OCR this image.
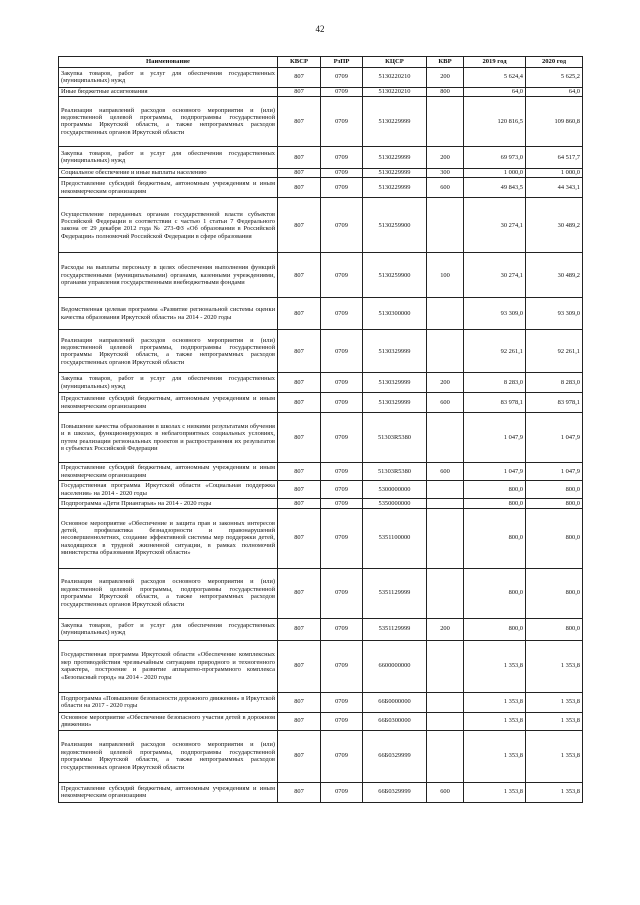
42
Наименование	КВСР	РзПР	КЦСР	КВР	2019 год	2020 год
Закупка товаров, работ и услуг для обеспечения государственных (муниципальных) нужд	807	0709	5130220210	200	5 624,4	5 625,2
Иные бюджетные ассигнования	807	0709	5130220210	800	64,0	64,0
Реализация направлений расходов основного мероприятия и (или) ведомственной целевой программы, подпрограммы государственной программы Иркутской области, а также непрограммных расходов государственных органов Иркутской области	807	0709	5130229999		120 816,5	109 860,8
Закупка товаров, работ и услуг для обеспечения государственных (муниципальных) нужд	807	0709	5130229999	200	69 973,0	64 517,7
Социальное обеспечение и иные выплаты населению	807	0709	5130229999	300	1 000,0	1 000,0
Предоставление субсидий бюджетным, автономным учреждениям и иным некоммерческим организациям	807	0709	5130229999	600	49 843,5	44 343,1
Осуществление переданных органам государственной власти субъектов Российской Федерации в соответствии с частью 1 статьи 7 Федерального закона от 29 декабря 2012 года № 273-ФЗ «Об образовании в Российской Федерации» полномочий Российской Федерации в сфере образования	807	0709	5130259900		30 274,1	30 489,2
Расходы на выплаты персоналу в целях обеспечения выполнения функций государственными (муниципальными) органами, казенными учреждениями, органами управления государственными внебюджетными фондами	807	0709	5130259900	100	30 274,1	30 489,2
Ведомственная целевая программа «Развитие региональной системы оценки качества образования Иркутской области» на 2014 - 2020 годы	807	0709	5130300000		93 309,0	93 309,0
Реализация направлений расходов основного мероприятия и (или) ведомственной целевой программы, подпрограммы государственной программы Иркутской области, а также непрограммных расходов государственных органов Иркутской области	807	0709	5130329999		92 261,1	92 261,1
Закупка товаров, работ и услуг для обеспечения государственных (муниципальных) нужд	807	0709	5130329999	200	8 283,0	8 283,0
Предоставление субсидий бюджетным, автономным учреждениям и иным некоммерческим организациям	807	0709	5130329999	600	83 978,1	83 978,1
Повышение качества образования в школах с низкими результатами обучения и в школах, функционирующих в неблагоприятных социальных условиях, путем реализации региональных проектов и распространения их результатов в субъектах Российской Федерации	807	0709	51303R5380		1 047,9	1 047,9
Предоставление субсидий бюджетным, автономным учреждениям и иным некоммерческим организациям	807	0709	51303R5380	600	1 047,9	1 047,9
Государственная программа Иркутской области «Социальная поддержка населения» на 2014 - 2020 годы	807	0709	5300000000		800,0	800,0
Подпрограмма «Дети Приангарья» на 2014 - 2020 годы	807	0709	5350000000		800,0	800,0
Основное мероприятие «Обеспечение и защита прав и законных интересов детей, профилактика безнадзорности и правонарушений несовершеннолетних, создание эффективной системы мер поддержки детей, находящихся в трудной жизненной ситуации, в рамках полномочий министерства образования Иркутской области»	807	0709	5351100000		800,0	800,0
Реализация направлений расходов основного мероприятия и (или) ведомственной целевой программы, подпрограммы государственной программы Иркутской области, а также непрограммных расходов государственных органов Иркутской области	807	0709	5351129999		800,0	800,0
Закупка товаров, работ и услуг для обеспечения государственных (муниципальных) нужд	807	0709	5351129999	200	800,0	800,0
Государственная программа Иркутской области «Обеспечение комплексных мер противодействия чрезвычайным ситуациям природного и техногенного характера, построение и развитие аппаратно-программного комплекса «Безопасный город» на 2014 - 2020 годы	807	0709	6600000000		1 353,8	1 353,8
Подпрограмма «Повышение безопасности дорожного движения» в Иркутской области на 2017 - 2020 годы	807	0709	66Б0000000		1 353,8	1 353,8
Основное мероприятие «Обеспечение безопасного участия детей в дорожном движении»	807	0709	66Б0300000		1 353,8	1 353,8
Реализация направлений расходов основного мероприятия и (или) ведомственной целевой программы, подпрограммы государственной программы Иркутской области, а также непрограммных расходов государственных органов Иркутской области	807	0709	66Б0329999		1 353,8	1 353,8
Предоставление субсидий бюджетным, автономным учреждениям и иным некоммерческим организациям	807	0709	66Б0329999	600	1 353,8	1 353,8
